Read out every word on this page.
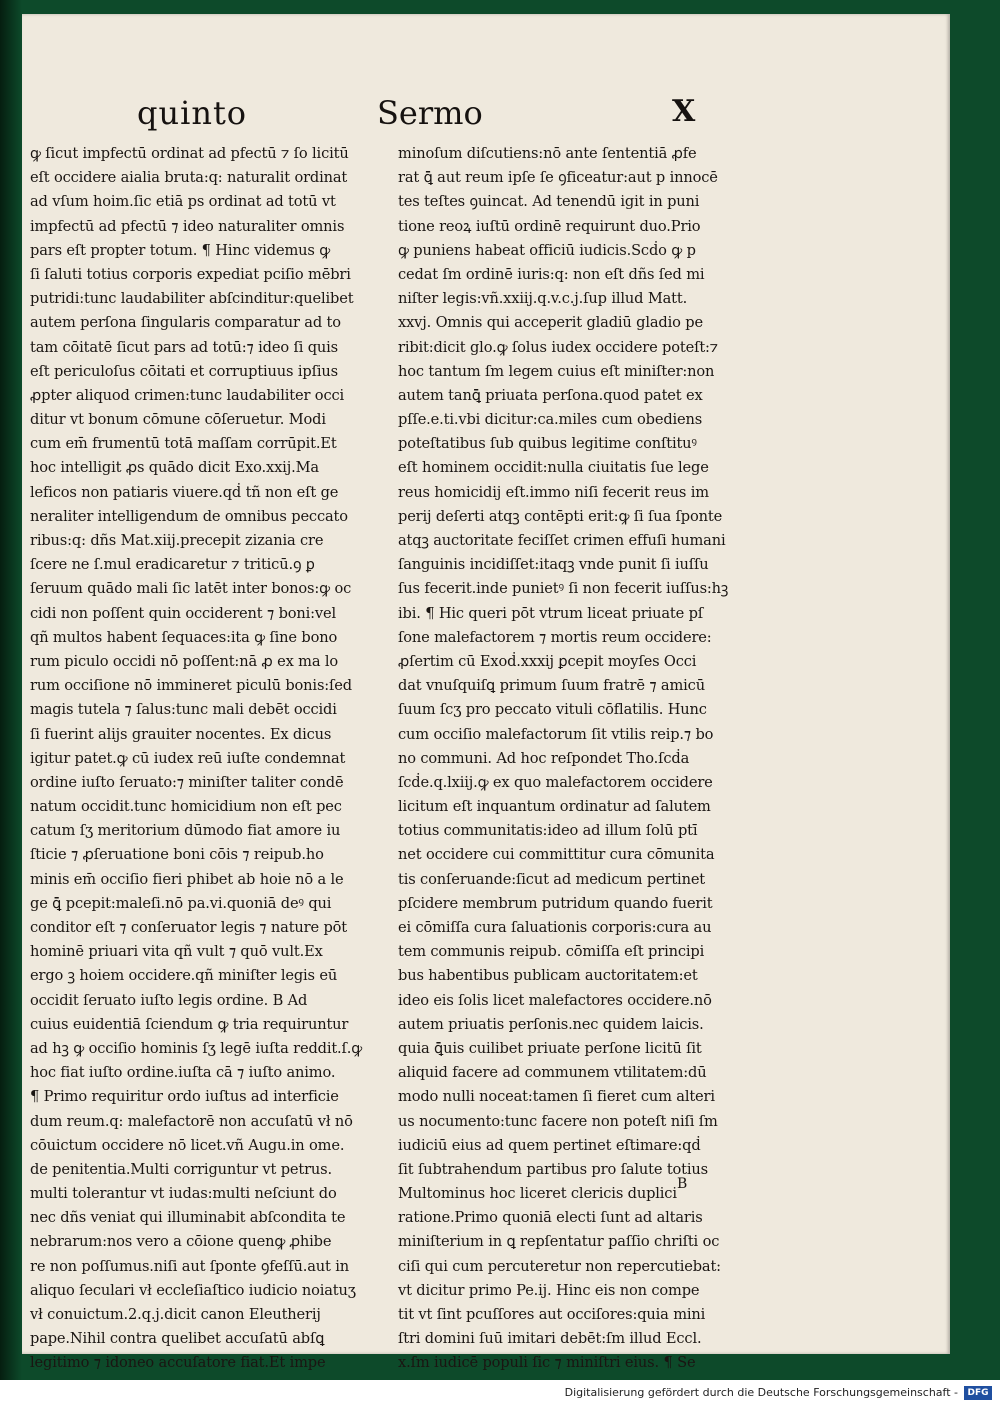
quinto	Sermo	X
ꝙ ſicut impfectū ordinat ad pfectū ⁊ ſo licitū
eſt occidere aialia bruta:q: naturalit ordinat
ad vſum hoim.ſic etiā ps ordinat ad totū vt
impfectū ad pfectū ⁊ ideo naturaliter omnis
pars eſt propter totum. ¶ Hinc videmus ꝙ
ſi ſaluti totius corporis expediat pciſio mēbri
putridi:tunc laudabiliter abſcinditur:quelibet
autem perſona ſingularis comparatur ad to
tam cōitatē ſicut pars ad totū:⁊ ideo ſi quis
eſt periculoſus cōitati et corruptiuus ipſius
ꝓpter aliquod crimen:tunc laudabiliter occi
ditur vt bonum cōmune cōſeruetur. Modi
cum em̄ frumentū totā maſſam corrūpit.Et
hoc intelligit ꝓs quādo dicit Exo.xxij.Ma
leficos non patiaris viuere.qḋ tñ non eſt ge
neraliter intelligendum de omnibus peccato
ribus:q: dñs Mat.xiij.precepit zizania cre
ſcere ne ſ.mul eradicaretur ⁊ triticū.ꝯ ꝑ
ſeruum quādo mali ſic latēt inter bonos:ꝙ oc
cidi non poſſent quin occiderent ⁊ boni:vel
qñ multos habent ſequaces:ita ꝙ ſine bono
rum piculo occidi nō poſſent:nā ꝓ ex ma lo
rum occiſione nō immineret piculū bonis:ſed
magis tutela ⁊ ſalus:tunc mali debēt occidi
ſi fuerint alijs grauiter nocentes. Ex dicus
igitur patet.ꝙ cū iudex reū iuſte condemnat
ordine iuſto ſeruato:⁊ miniſter taliter condē
natum occidit.tunc homicidium non eſt pec
catum ſʒ meritorium dūmodo fiat amore iu
ſticie ⁊ ꝓſeruatione boni cōis ⁊ reipub.ho
minis em̄ occiſio fieri phibet ab hoie nō a le
ge ꝗ̄ pcepit:maleſi.nō pa.vi.quoniā deꝰ qui
conditor eſt ⁊ conſeruator legis ⁊ nature pōt
hominē priuari vita qñ vult ⁊ quō vult.Ex
ergo ꝫ hoiem occidere.qñ miniſter legis eū
occidit ſeruato iuſto legis ordine. B Ad
cuius euidentiā ſciendum ꝙ tria requiruntur
ad hꝫ ꝙ occiſio hominis ſʒ legē iuſta reddit.ſ.ꝙ
hoc fiat iuſto ordine.iuſta cā ⁊ iuſto animo.
¶ Primo requiritur ordo iuſtus ad interficie
dum reum.q: malefactorē non accuſatū vł nō
cōuictum occidere nō licet.vñ Augu.in ome.
de penitentia.Multi corriguntur vt petrus.
multi tolerantur vt iudas:multi neſciunt do
nec dñs veniat qui illuminabit abſcondita te
nebrarum:nos vero a cōione quenꝙ ꝓhibe
re non poſſumus.niſi aut ſponte ꝯfeſſū.aut in
aliquo ſeculari vł eccleſiaſtico iudicio noiatuʒ
vł conuictum.2.q.j.dicit canon Eleutherij
pape.Nihil contra quelibet accuſatū abſꝗ
legitimo ⁊ idoneo accuſatore fiat.Et impe
minoſum diſcutiens:nō ante ſententiā ꝓfe
rat ꝗ̄ aut reum ipſe ſe ꝯficeatur:aut p innocē
tes teſtes ꝯuincat. Ad tenendū igit in puni
tione reoꝝ iuſtū ordinē requirunt duo.Prio
ꝙ puniens habeat officiū iudicis.Scḋo ꝙ p
cedat ſm ordinē iuris:q: non eſt dñs ſed mi
niſter legis:vñ.xxiij.q.v.c.j.ſup illud Matt.
xxvj. Omnis qui acceperit gladiū gladio pe
ribit:dicit glo.ꝙ ſolus iudex occidere poteſt:⁊
hoc tantum ſm legem cuius eſt miniſter:non
autem tanꝗ̄ priuata perſona.quod patet ex
pſſe.e.ti.vbi dicitur:ca.miles cum obediens
poteſtatibus ſub quibus legitime conſtituꝰ
eſt hominem occidit:nulla ciuitatis ſue lege
reus homicidij eſt.immo niſi fecerit reus im
perij deſerti atqꝫ contēpti erit:ꝙ ſi ſua ſponte
atqꝫ auctoritate feciſſet crimen effuſi humani
ſanguinis incidiſſet:itaqꝫ vnde punit ſi iuſſu
ſus fecerit.inde punietꝰ ſi non fecerit iuſſus:hꝫ
ibi. ¶ Hic queri pōt vtrum liceat priuate pſ
ſone malefactorem ⁊ mortis reum occidere:
ꝓſertim cū Exoḋ.xxxij ꝑcepit moyſes Occi
dat vnuſquiſꝗ primum ſuum fratrē ⁊ amicū
ſuum ſcʒ pro peccato vituli cōflatilis. Hunc
cum occiſio malefactorum ſit vtilis reip.⁊ bo
no communi. Ad hoc reſpondet Tho.ſcḋa
ſcḋe.q.lxiij.ꝙ ex quo malefactorem occidere
licitum eſt inquantum ordinatur ad ſalutem
totius communitatis:ideo ad illum ſolū ptī
net occidere cui committitur cura cōmunita
tis conſeruande:ſicut ad medicum pertinet
pſcidere membrum putridum quando fuerit
ei cōmiſſa cura ſaluationis corporis:cura au
tem communis reipub. cōmiſſa eſt principi
bus habentibus publicam auctoritatem:et
ideo eis ſolis licet malefactores occidere.nō
autem priuatis perſonis.nec quidem laicis.
quia ꝗ̄uis cuilibet priuate perſone licitū ſit
aliquid facere ad communem vtilitatem:dū
modo nulli noceat:tamen ſi fieret cum alteri
us nocumento:tunc facere non poteſt niſi ſm
iudiciū eius ad quem pertinet eſtimare:qḋ
ſit ſubtrahendum partibus pro ſalute totius
Multominus hoc liceret clericis duplici
ratione.Primo quoniā electi ſunt ad altaris
miniſterium in ꝗ repſentatur paſſio chriſti oc
ciſi qui cum percuteretur non repercutiebat:
vt dicitur primo Pe.ij. Hinc eis non compe
tit vt ſint pcuſſores aut occiſores:quia mini
ſtri domini ſuū imitari debēt:ſm illud Eccl.
x.ſm iudicē populi ſic ⁊ miniſtri eius. ¶ Se
B
Digitalisierung gefördert durch die Deutsche Forschungsgemeinschaft -	DFG
